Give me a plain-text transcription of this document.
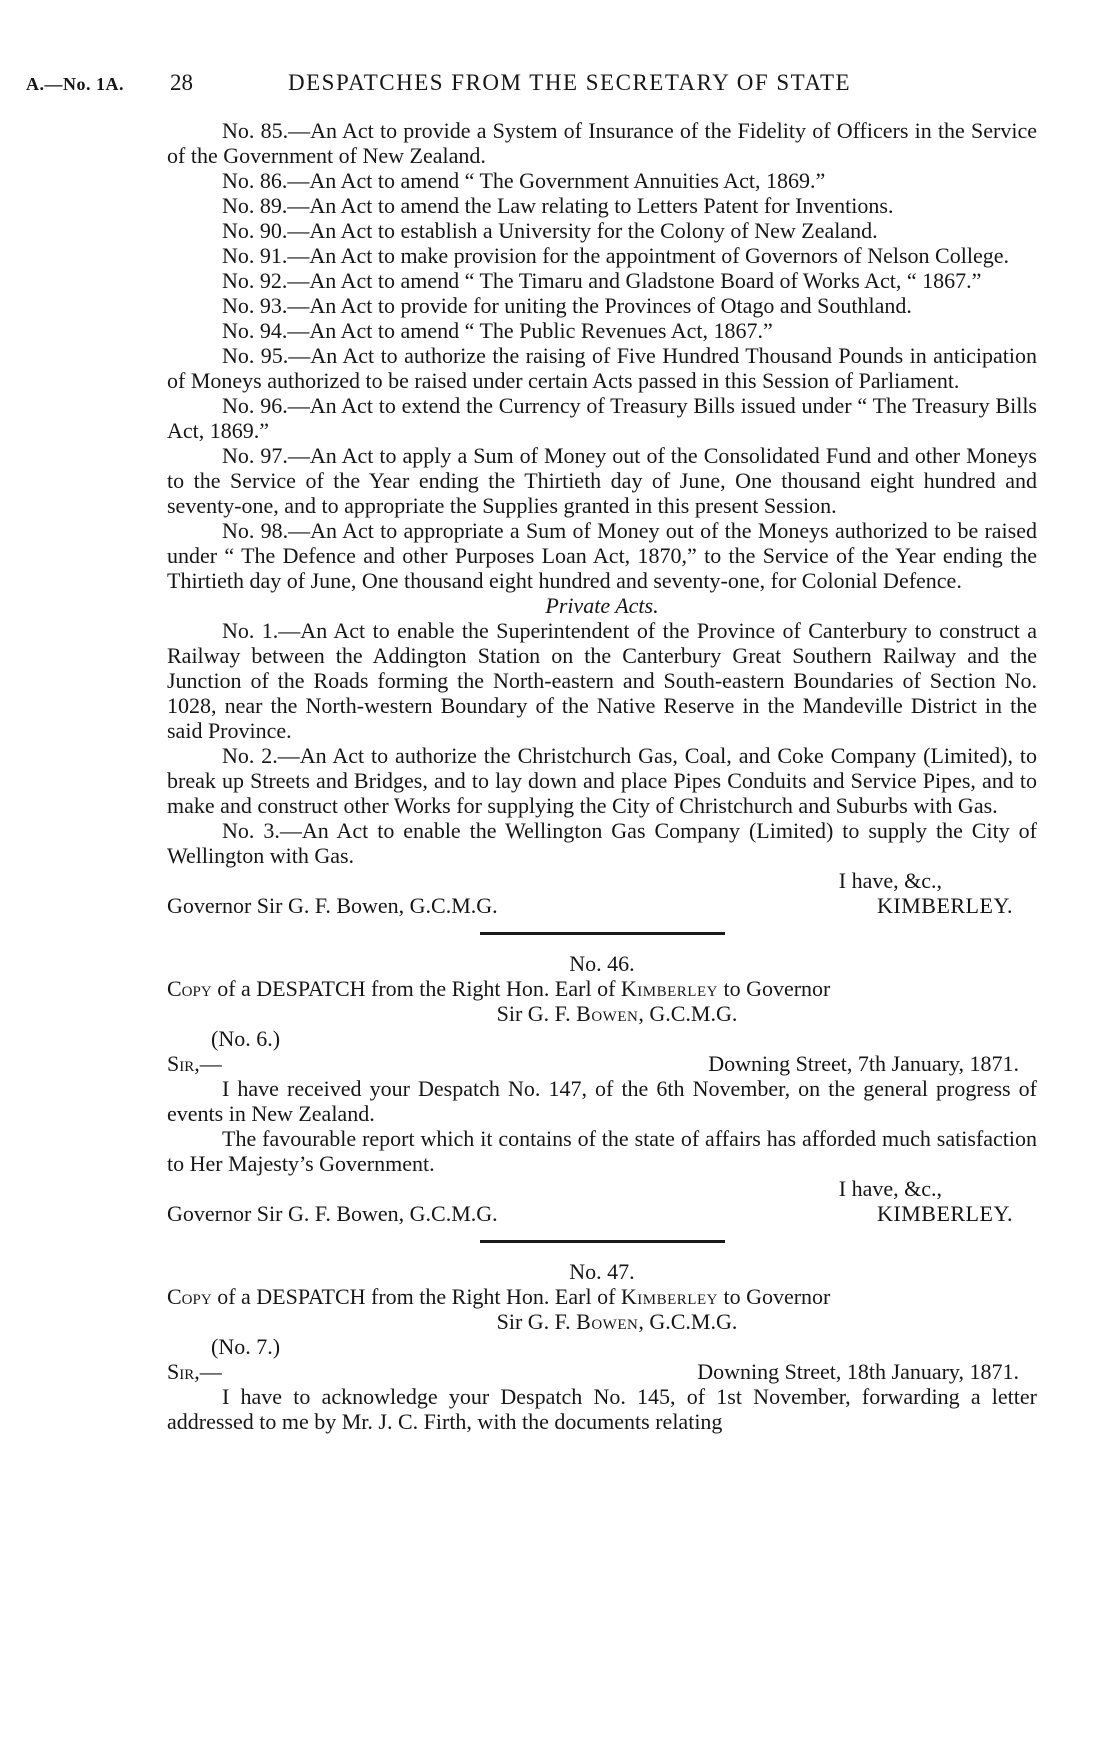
A.—No. 1A. 28	DESPATCHES FROM THE SECRETARY OF STATE

No. 85.—An Act to provide a System of Insurance of the Fidelity of Officers in the Service of the Government of New Zealand.

No. 86.—An Act to amend “ The Government Annuities Act, 1869.”

No. 89.—An Act to amend the Law relating to Letters Patent for Inventions.

No. 90.—An Act to establish a University for the Colony of New Zealand.

No. 91.—An Act to make provision for the appointment of Governors of Nelson College.

No. 92.—An Act to amend “ The Timaru and Gladstone Board of Works Act, “ 1867.”

No. 93.—An Act to provide for uniting the Provinces of Otago and Southland.

No. 94.—An Act to amend “ The Public Revenues Act, 1867.”

No. 95.—An Act to authorize the raising of Five Hundred Thousand Pounds in anticipation of Moneys authorized to be raised under certain Acts passed in this Session of Parliament.

No. 96.—An Act to extend the Currency of Treasury Bills issued under “ The Treasury Bills Act, 1869.”

No. 97.—An Act to apply a Sum of Money out of the Consolidated Fund and other Moneys to the Service of the Year ending the Thirtieth day of June, One thousand eight hundred and seventy-one, and to appropriate the Supplies granted in this present Session.

No. 98.—An Act to appropriate a Sum of Money out of the Moneys authorized to be raised under “ The Defence and other Purposes Loan Act, 1870,” to the Service of the Year ending the Thirtieth day of June, One thousand eight hundred and seventy-one, for Colonial Defence.

Private Acts.

No. 1.—An Act to enable the Superintendent of the Province of Canterbury to construct a Railway between the Addington Station on the Canterbury Great Southern Railway and the Junction of the Roads forming the North-eastern and South-eastern Boundaries of Section No. 1028, near the North-western Boundary of the Native Reserve in the Mandeville District in the said Province.

No. 2.—An Act to authorize the Christchurch Gas, Coal, and Coke Company (Limited), to break up Streets and Bridges, and to lay down and place Pipes Conduits and Service Pipes, and to make and construct other Works for supplying the City of Christchurch and Suburbs with Gas.

No. 3.—An Act to enable the Wellington Gas Company (Limited) to supply the City of Wellington with Gas.

I have, &c.,

Governor Sir G. F. Bowen, G.C.M.G.	KIMBERLEY.

No. 46.

Copy of a DESPATCH from the Right Hon. Earl of Kimberley to Governor

Sir G. F. Bowen, G.C.M.G.

(No. 6.)

Sir,—	Downing Street, 7th January, 1871.

I have received your Despatch No. 147, of the 6th November, on the general progress of events in New Zealand.

The favourable report which it contains of the state of affairs has afforded much satisfaction to Her Majesty’s Government.

I have, &c.,

Governor Sir G. F. Bowen, G.C.M.G.	KIMBERLEY.

No. 47.

Copy of a DESPATCH from the Right Hon. Earl of Kimberley to Governor

Sir G. F. Bowen, G.C.M.G.

(No. 7.)

Sir,—	Downing Street, 18th January, 1871.

I have to acknowledge your Despatch No. 145, of 1st November, forwarding a letter addressed to me by Mr. J. C. Firth, with the documents relating
